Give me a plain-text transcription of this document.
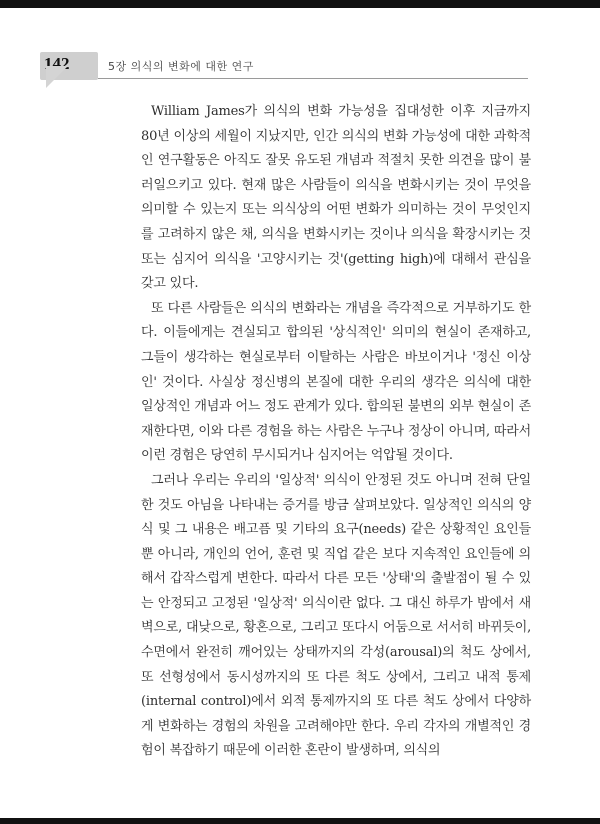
142	5장 의식의 변화에 대한 연구

William James가 의식의 변화 가능성을 집대성한 이후 지금까지 80년 이상의 세월이 지났지만, 인간 의식의 변화 가능성에 대한 과학적인 연구활동은 아직도 잘못 유도된 개념과 적절치 못한 의견을 많이 불러일으키고 있다. 현재 많은 사람들이 의식을 변화시키는 것이 무엇을 의미할 수 있는지 또는 의식상의 어떤 변화가 의미하는 것이 무엇인지를 고려하지 않은 채, 의식을 변화시키는 것이나 의식을 확장시키는 것 또는 심지어 의식을 '고양시키는 것'(getting high)에 대해서 관심을 갖고 있다.

또 다른 사람들은 의식의 변화라는 개념을 즉각적으로 거부하기도 한다. 이들에게는 견실되고 합의된 '상식적인' 의미의 현실이 존재하고, 그들이 생각하는 현실로부터 이탈하는 사람은 바보이거나 '정신 이상인' 것이다. 사실상 정신병의 본질에 대한 우리의 생각은 의식에 대한 일상적인 개념과 어느 정도 관계가 있다. 합의된 불변의 외부 현실이 존재한다면, 이와 다른 경험을 하는 사람은 누구나 정상이 아니며, 따라서 이런 경험은 당연히 무시되거나 심지어는 억압될 것이다.

그러나 우리는 우리의 '일상적' 의식이 안정된 것도 아니며 전혀 단일한 것도 아님을 나타내는 증거를 방금 살펴보았다. 일상적인 의식의 양식 및 그 내용은 배고픔 및 기타의 요구(needs) 같은 상황적인 요인들뿐 아니라, 개인의 언어, 훈련 및 직업 같은 보다 지속적인 요인들에 의해서 갑작스럽게 변한다. 따라서 다른 모든 '상태'의 출발점이 될 수 있는 안정되고 고정된 '일상적' 의식이란 없다. 그 대신 하루가 밤에서 새벽으로, 대낮으로, 황혼으로, 그리고 또다시 어둠으로 서서히 바뀌듯이, 수면에서 완전히 깨어있는 상태까지의 각성(arousal)의 척도 상에서, 또 선형성에서 동시성까지의 또 다른 척도 상에서, 그리고 내적 통제(internal control)에서 외적 통제까지의 또 다른 척도 상에서 다양하게 변화하는 경험의 차원을 고려해야만 한다. 우리 각자의 개별적인 경험이 복잡하기 때문에 이러한 혼란이 발생하며, 의식의
